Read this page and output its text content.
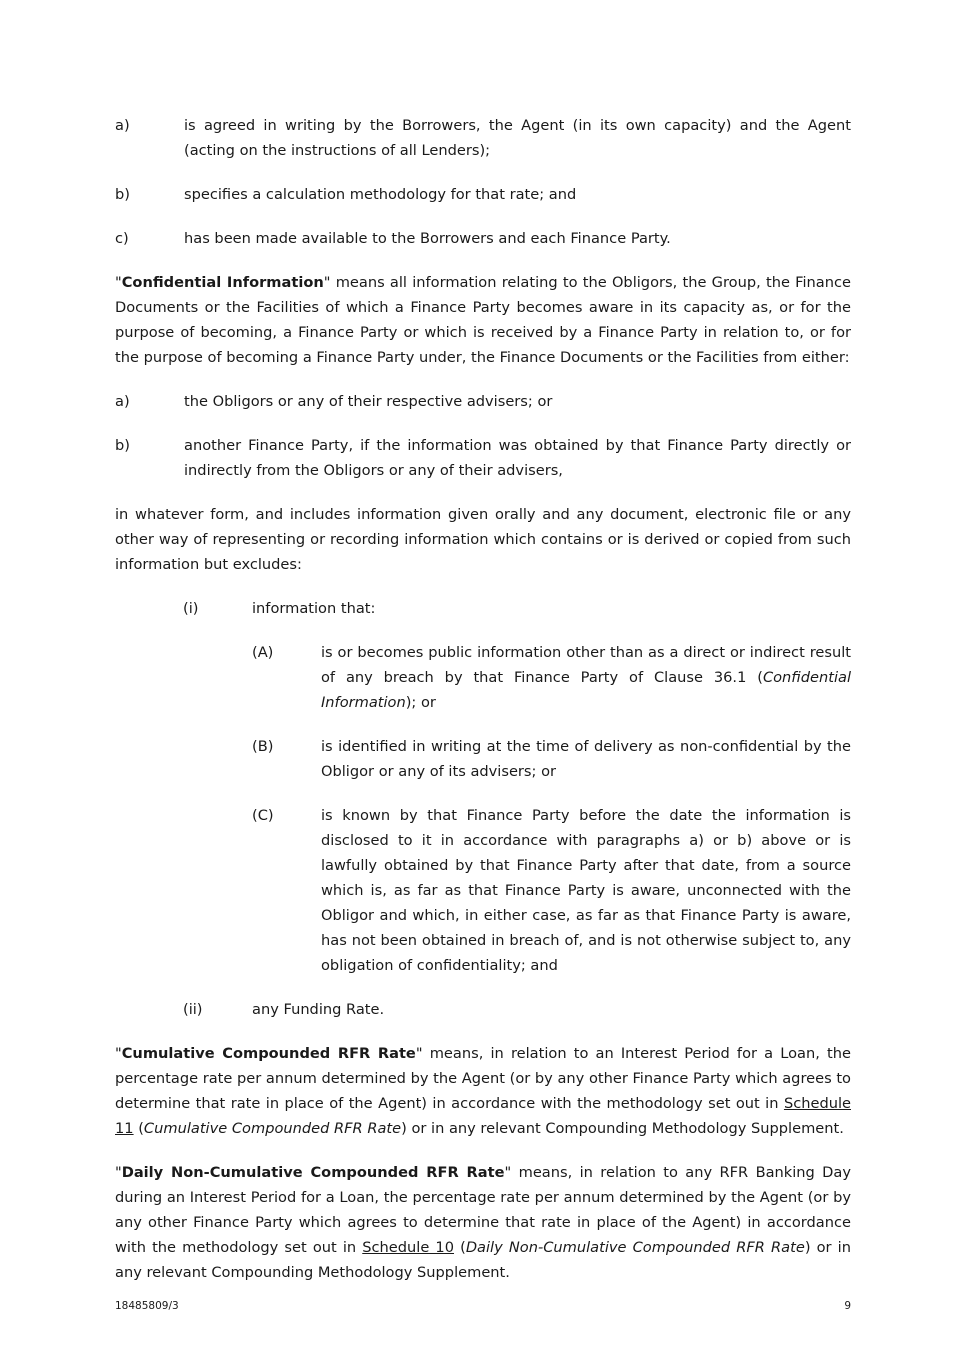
a)	is agreed in writing by the Borrowers, the Agent (in its own capacity) and the Agent (acting on the instructions of all Lenders);
b)	specifies a calculation methodology for that rate; and
c)	has been made available to the Borrowers and each Finance Party.

"Confidential Information" means all information relating to the Obligors, the Group, the Finance Documents or the Facilities of which a Finance Party becomes aware in its capacity as, or for the purpose of becoming, a Finance Party or which is received by a Finance Party in relation to, or for the purpose of becoming a Finance Party under, the Finance Documents or the Facilities from either:

a)	the Obligors or any of their respective advisers; or
b)	another Finance Party, if the information was obtained by that Finance Party directly or indirectly from the Obligors or any of their advisers,

in whatever form, and includes information given orally and any document, electronic file or any other way of representing or recording information which contains or is derived or copied from such information but excludes:

(i)	information that:
(A)	is or becomes public information other than as a direct or indirect result of any breach by that Finance Party of Clause 36.1 (Confidential Information); or
(B)	is identified in writing at the time of delivery as non-confidential by the Obligor or any of its advisers; or
(C)	is known by that Finance Party before the date the information is disclosed to it in accordance with paragraphs a) or b) above or is lawfully obtained by that Finance Party after that date, from a source which is, as far as that Finance Party is aware, unconnected with the Obligor and which, in either case, as far as that Finance Party is aware, has not been obtained in breach of, and is not otherwise subject to, any obligation of confidentiality; and
(ii)	any Funding Rate.

"Cumulative Compounded RFR Rate" means, in relation to an Interest Period for a Loan, the percentage rate per annum determined by the Agent (or by any other Finance Party which agrees to determine that rate in place of the Agent) in accordance with the methodology set out in Schedule 11 (Cumulative Compounded RFR Rate) or in any relevant Compounding Methodology Supplement.

"Daily Non-Cumulative Compounded RFR Rate" means, in relation to any RFR Banking Day during an Interest Period for a Loan, the percentage rate per annum determined by the Agent (or by any other Finance Party which agrees to determine that rate in place of the Agent) in accordance with the methodology set out in Schedule 10 (Daily Non-Cumulative Compounded RFR Rate) or in any relevant Compounding Methodology Supplement.

18485809/3	9
